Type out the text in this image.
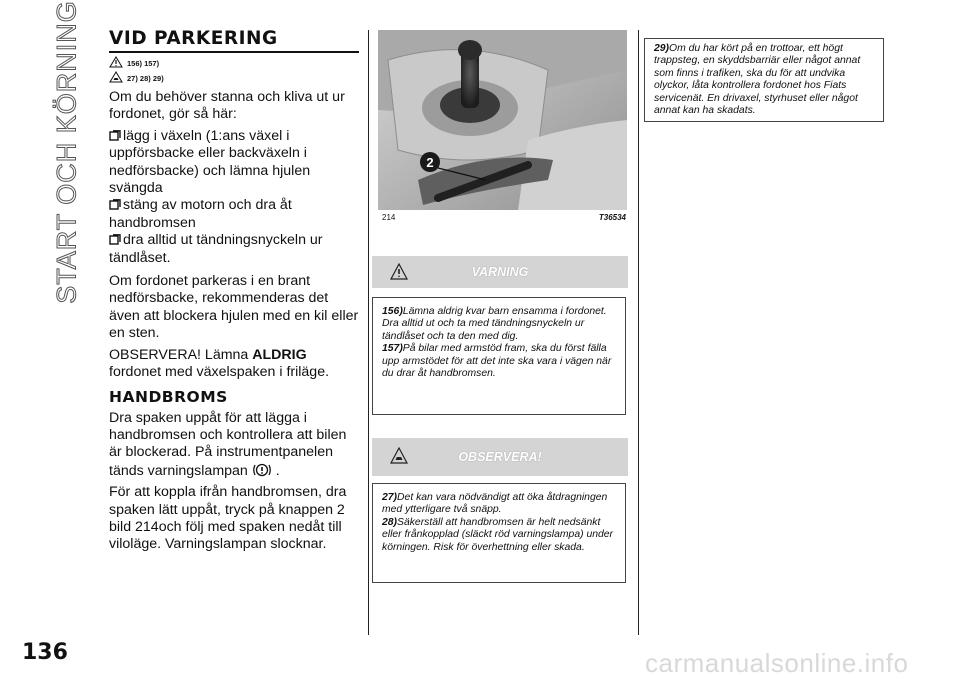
START OCH KÖRNING VID PARKERING
156) 157)
27) 28) 29)

Om du behöver stanna och kliva ut ur fordonet, gör så här:

lägg i växeln (1:ans växel i uppförsbacke eller backväxeln i nedförsbacke) och lämna hjulen svängda
stäng av motorn och dra åt handbromsen
dra alltid ut tändningsnyckeln ur tändlåset.

Om fordonet parkeras i en brant nedförsbacke, rekommenderas det även att blockera hjulen med en kil eller en sten.

OBSERVERA! Lämna ALDRIG fordonet med växelspaken i friläge.

HANDBROMS

Dra spaken uppåt för att lägga i handbromsen och kontrollera att bilen är blockerad. På instrumentpanelen tänds varningslampan .

För att koppla ifrån handbromsen, dra spaken lätt uppåt, tryck på knappen 2 bild 214och följ med spaken nedåt till viloläge. Varningslampan slocknar.

2
214	T36534
VARNING
156)Lämna aldrig kvar barn ensamma i fordonet. Dra alltid ut och ta med tändningsnyckeln ur tändlåset och ta den med dig.
157)På bilar med armstöd fram, ska du först fälla upp armstödet för att det inte ska vara i vägen när du drar åt handbromsen.
OBSERVERA!
27)Det kan vara nödvändigt att öka åtdragningen med ytterligare två snäpp.
28)Säkerställ att handbromsen är helt nedsänkt eller frånkopplad (släckt röd varningslampa) under körningen. Risk för överhettning eller skada.
29)Om du har kört på en trottoar, ett högt trappsteg, en skyddsbarriär eller något annat som finns i trafiken, ska du för att undvika olyckor, låta kontrollera fordonet hos Fiats servicenät. En drivaxel, styrhuset eller något annat kan ha skadats.
136	carmanualsonline.info
